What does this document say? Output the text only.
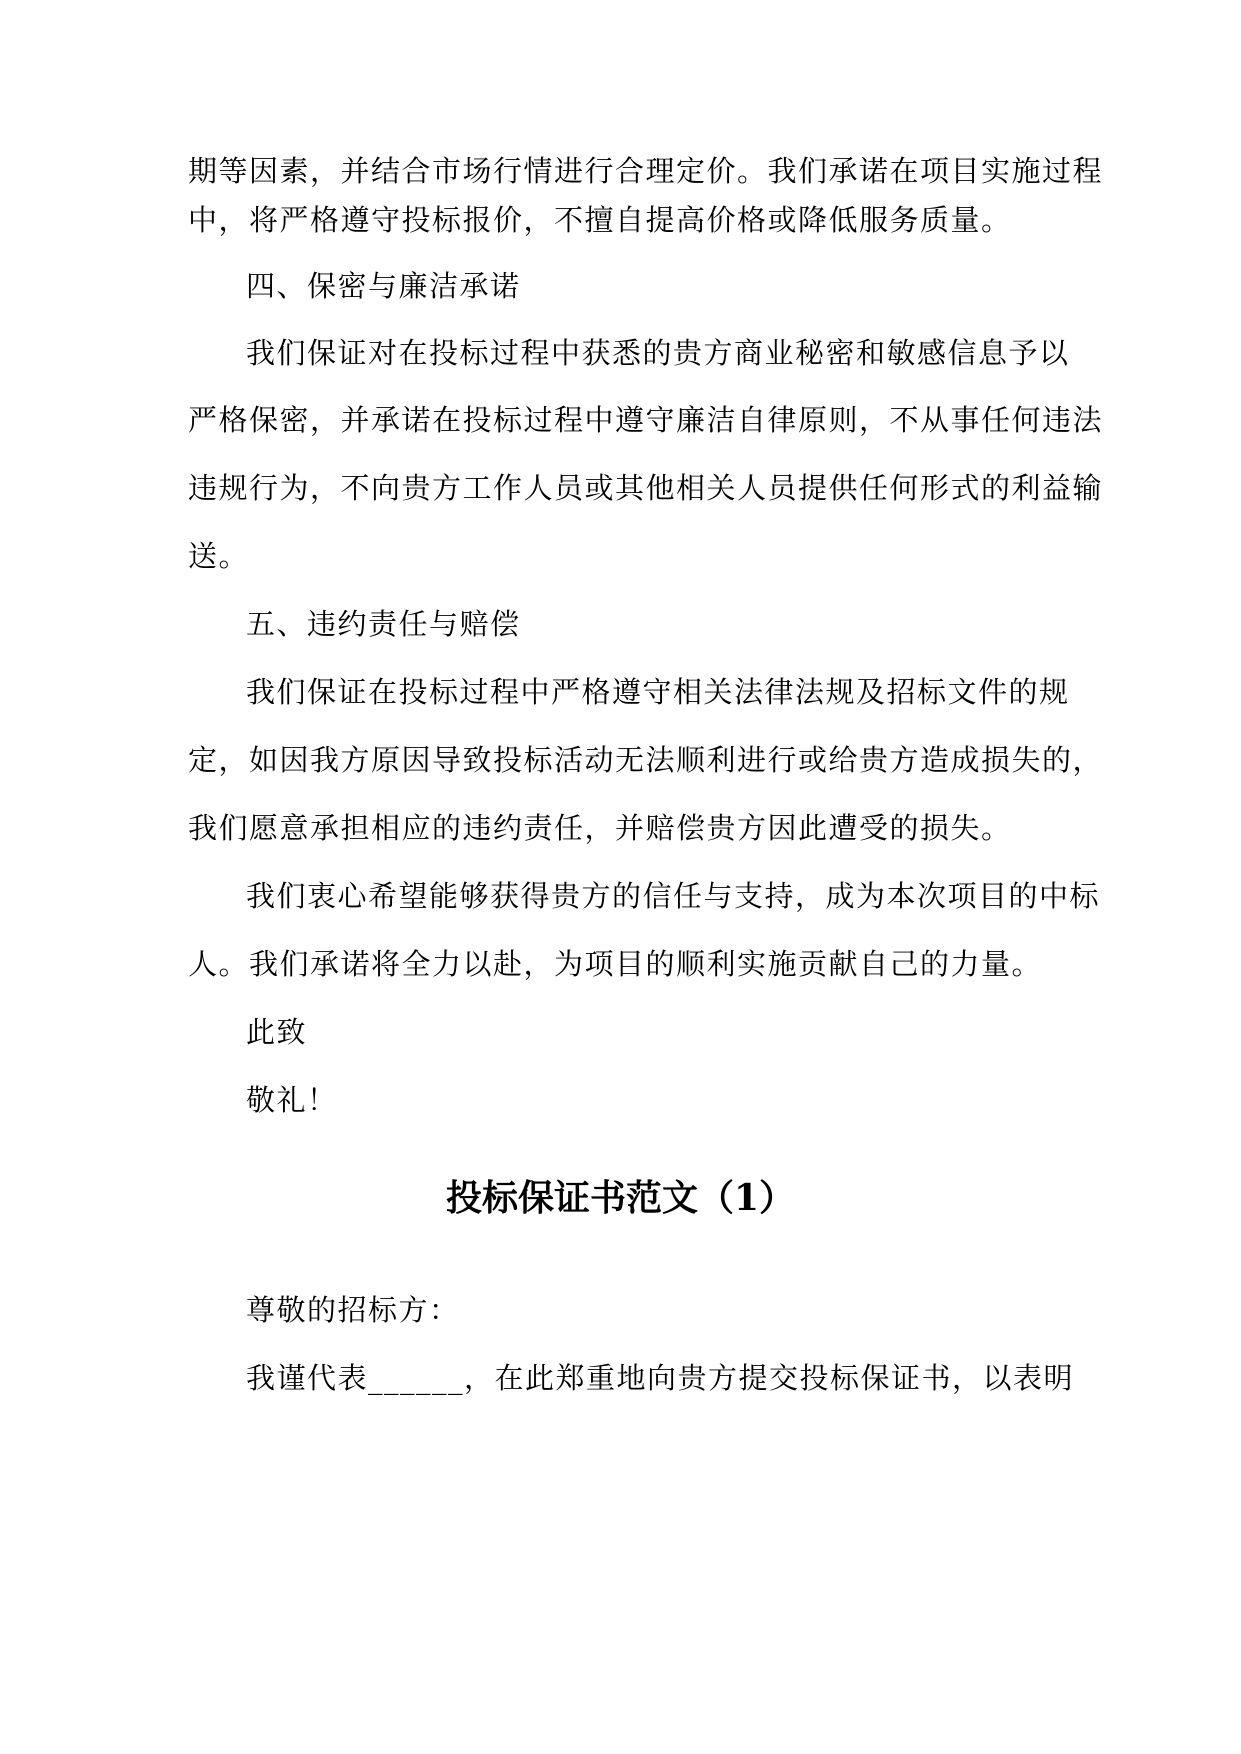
期等因素，并结合市场行情进行合理定价。我们承诺在项目实施过程
中，将严格遵守投标报价，不擅自提高价格或降低服务质量。
四、保密与廉洁承诺
我们保证对在投标过程中获悉的贵方商业秘密和敏感信息予以
严格保密，并承诺在投标过程中遵守廉洁自律原则，不从事任何违法
违规行为，不向贵方工作人员或其他相关人员提供任何形式的利益输
送。
五、违约责任与赔偿
我们保证在投标过程中严格遵守相关法律法规及招标文件的规
定，如因我方原因导致投标活动无法顺利进行或给贵方造成损失的，
我们愿意承担相应的违约责任，并赔偿贵方因此遭受的损失。
我们衷心希望能够获得贵方的信任与支持，成为本次项目的中标
人。我们承诺将全力以赴，为项目的顺利实施贡献自己的力量。
此致
敬礼！
投标保证书范文（1）
尊敬的招标方：
我谨代表______，在此郑重地向贵方提交投标保证书，以表明
